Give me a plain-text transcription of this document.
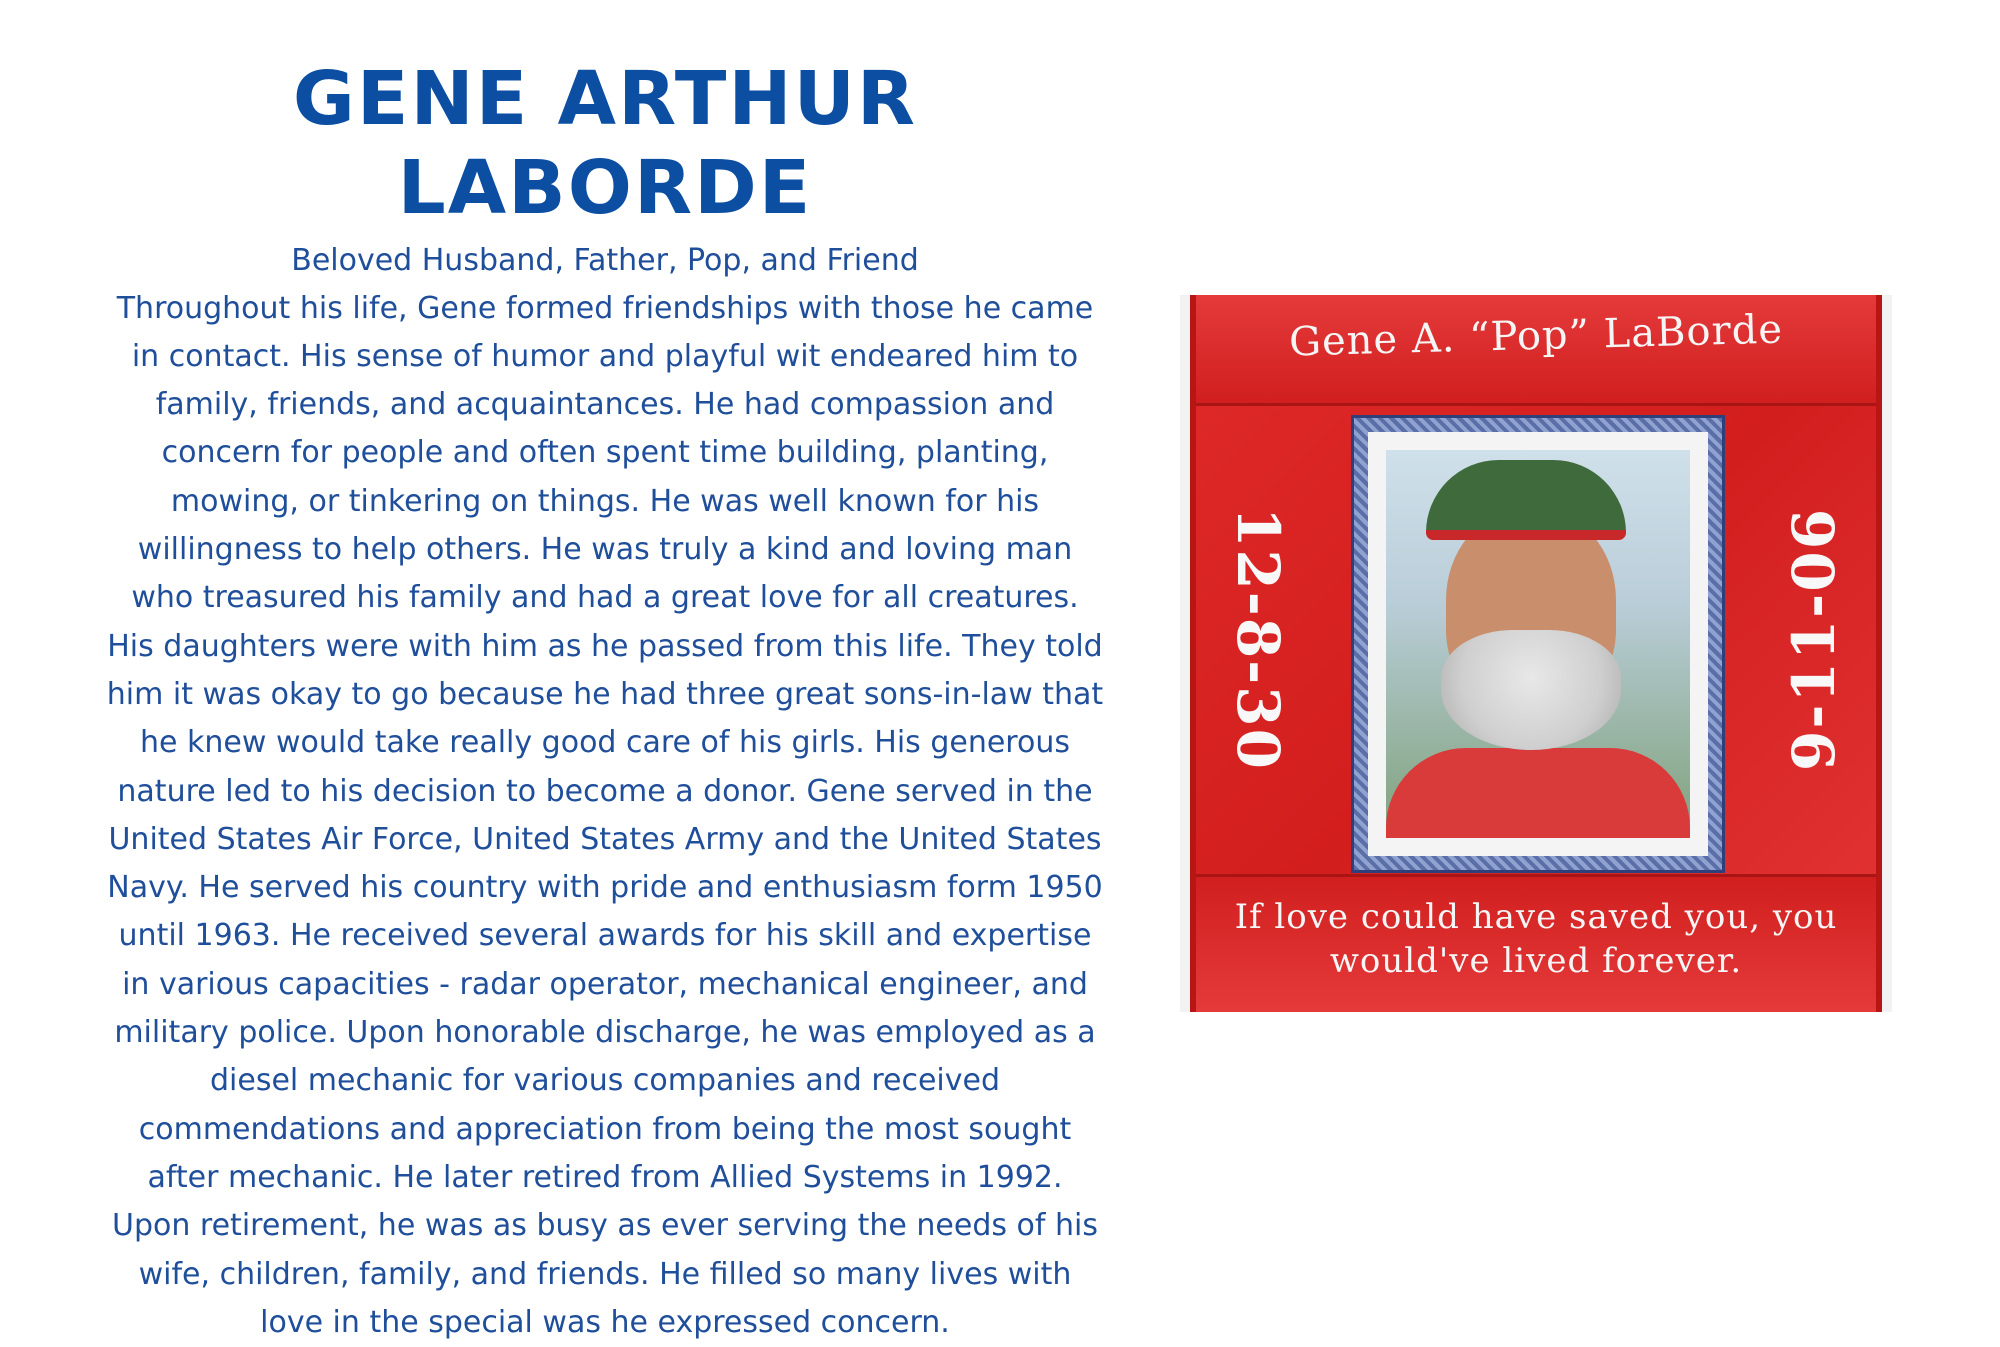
GENE ARTHUR LABORDE
Beloved Husband, Father, Pop, and Friend

Throughout his life, Gene formed friendships with those he came in contact. His sense of humor and playful wit endeared him to family, friends, and acquaintances. He had compassion and concern for people and often spent time building, planting, mowing, or tinkering on things. He was well known for his willingness to help others. He was truly a kind and loving man who treasured his family and had a great love for all creatures. His daughters were with him as he passed from this life. They told him it was okay to go because he had three great sons-in-law that he knew would take really good care of his girls. His generous nature led to his decision to become a donor. Gene served in the United States Air Force, United States Army and the United States Navy. He served his country with pride and enthusiasm form 1950 until 1963. He received several awards for his skill and expertise in various capacities - radar operator, mechanical engineer, and military police. Upon honorable discharge, he was employed as a diesel mechanic for various companies and received commendations and appreciation from being the most sought after mechanic. He later retired from Allied Systems in 1992. Upon retirement, he was as busy as ever serving the needs of his wife, children, family, and friends. He filled so many lives with love in the special was he expressed concern.

Gene A. “Pop” LaBorde
12-8-30	9-11-06
If love could have saved you, you would've lived forever.
